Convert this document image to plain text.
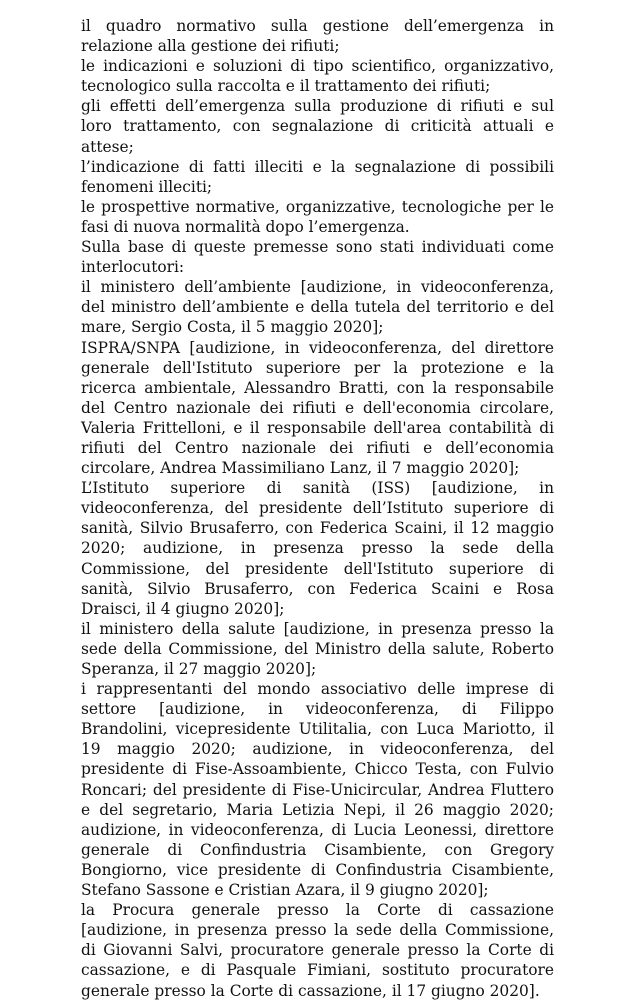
il quadro normativo sulla gestione dell’emergenza in relazione alla gestione dei rifiuti;

le indicazioni e soluzioni di tipo scientifico, organizzativo, tecnologico sulla raccolta e il trattamento dei rifiuti;

gli effetti dell’emergenza sulla produzione di rifiuti e sul loro trattamento, con segnalazione di criticità attuali e attese;

l’indicazione di fatti illeciti e la segnalazione di possibili fenomeni illeciti;

le prospettive normative, organizzative, tecnologiche per le fasi di nuova normalità dopo l’emergenza.

Sulla base di queste premesse sono stati individuati come interlocutori:

il ministero dell’ambiente [audizione, in videoconferenza, del ministro dell’ambiente e della tutela del territorio e del mare, Sergio Costa, il 5 maggio 2020];

ISPRA/SNPA [audizione, in videoconferenza, del direttore generale dell'Istituto superiore per la protezione e la ricerca ambientale, Alessandro Bratti, con la responsabile del Centro nazionale dei rifiuti e dell'economia circolare, Valeria Frittelloni, e il responsabile dell'area contabilità di rifiuti del Centro nazionale dei rifiuti e dell’economia circolare, Andrea Massimiliano Lanz, il 7 maggio 2020];

L’Istituto superiore di sanità (ISS) [audizione, in videoconferenza, del presidente dell’Istituto superiore di sanità, Silvio Brusaferro, con Federica Scaini, il 12 maggio 2020; audizione, in presenza presso la sede della Commissione, del presidente dell'Istituto superiore di sanità, Silvio Brusaferro, con Federica Scaini e Rosa Draisci, il 4 giugno 2020];

il ministero della salute [audizione, in presenza presso la sede della Commissione, del Ministro della salute, Roberto Speranza, il 27 maggio 2020];

i rappresentanti del mondo associativo delle imprese di settore [audizione, in videoconferenza, di Filippo Brandolini, vicepresidente Utilitalia, con Luca Mariotto, il 19 maggio 2020; audizione, in videoconferenza, del presidente di Fise-Assoambiente, Chicco Testa, con Fulvio Roncari; del presidente di Fise-Unicircular, Andrea Fluttero e del segretario, Maria Letizia Nepi, il 26 maggio 2020; audizione, in videoconferenza, di Lucia Leonessi, direttore generale di Confindustria Cisambiente, con Gregory Bongiorno, vice presidente di Confindustria Cisambiente, Stefano Sassone e Cristian Azara, il 9 giugno 2020];

la Procura generale presso la Corte di cassazione [audizione, in presenza presso la sede della Commissione, di Giovanni Salvi, procuratore generale presso la Corte di cassazione, e di Pasquale Fimiani, sostituto procuratore generale presso la Corte di cassazione, il 17 giugno 2020].
